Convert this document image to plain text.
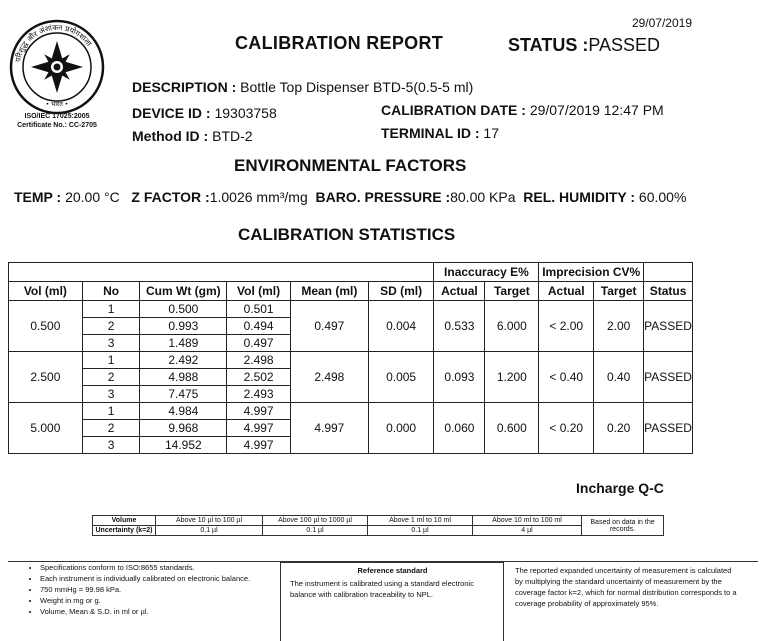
परिशुद्ध और अंशांकन प्रयोगशाला
• भारत •
ISO/IEC 17025:2005
Certificate No.: CC-2705
29/07/2019
CALIBRATION REPORT	STATUS :PASSED
DESCRIPTION : Bottle Top Dispenser BTD-5(0.5-5 ml)
DEVICE ID : 19303758
Method ID : BTD-2
CALIBRATION DATE : 29/07/2019 12:47 PM
TERMINAL ID : 17
ENVIRONMENTAL FACTORS
TEMP : 20.00 °C Z FACTOR :1.0026 mm³/mg BARO. PRESSURE :80.00 KPa REL. HUMIDITY : 60.00%
CALIBRATION STATISTICS
						Inaccuracy E%		Imprecision CV%		
Vol (ml)	No	Cum Wt (gm)	Vol (ml)	Mean (ml)	SD (ml)	Actual	Target	Actual	Target	Status
0.500	1	0.500	0.501	0.497	0.004	0.533	6.000	< 2.00	2.00	PASSED
	2	0.993	0.494							
	3	1.489	0.497							
2.500	1	2.492	2.498	2.498	0.005	0.093	1.200	< 0.40	0.40	PASSED
	2	4.988	2.502							
	3	7.475	2.493							
5.000	1	4.984	4.997	4.997	0.000	0.060	0.600	< 0.20	0.20	PASSED
	2	9.968	4.997							
	3	14.952	4.997							
Incharge Q-C
Volume	Above 10 µl to 100 µl	Above 100 µl to 1000 µl	Above 1 ml to 10 ml	Above 10 ml to 100 ml	Based on data in the records.
Uncertainty (k=2)	0.1 µl	0.1 µl	0.1 µl	4 µl	
• Specifications conform to ISO:8655 standards.
• Each instrument is individually calibrated on electronic balance.
• 750 mmHg = 99.98 kPa.
• Weight in mg or g.
• Volume, Mean & S.D. in ml or µl.
Reference standard
The instrument is calibrated using a standard electronic balance with calibration traceability to NPL.
The reported expanded uncertainty of measurement is calculated by multiplying the standard uncertainty of measurement by the coverage factor k=2, which for normal distribution corresponds to a coverage probability of approximately 95%.
